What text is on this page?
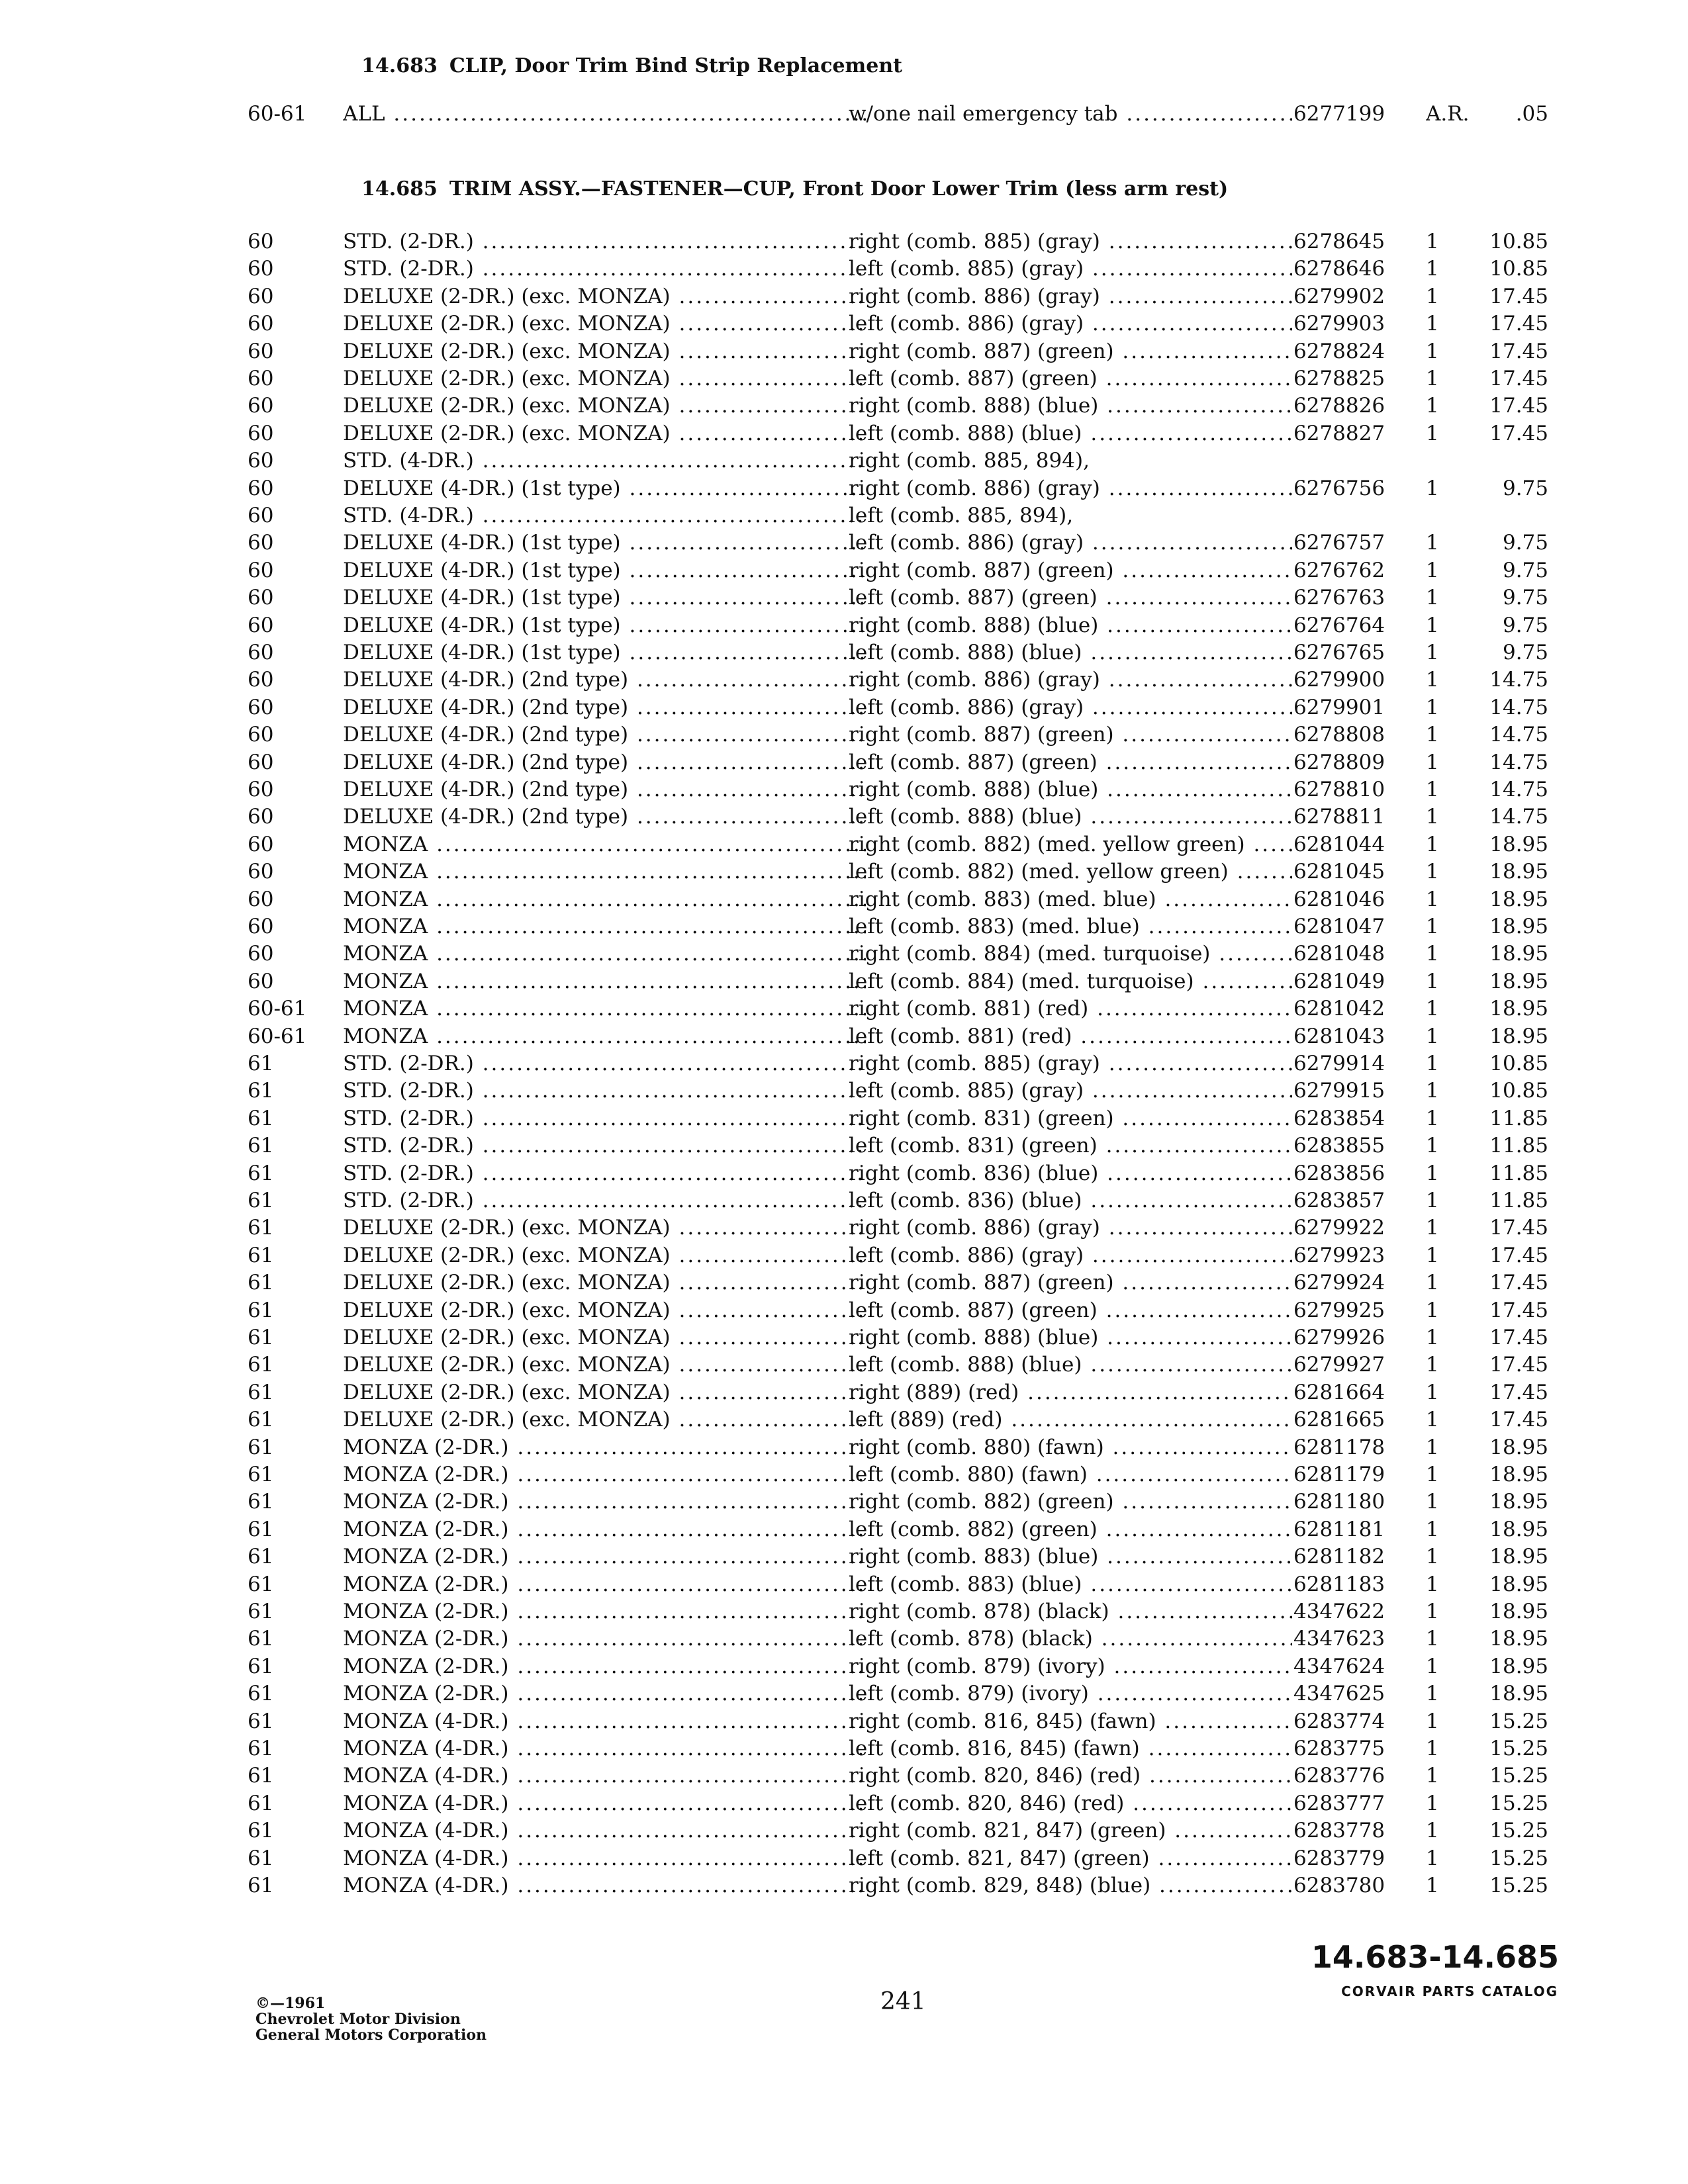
14.683 CLIP, Door Trim Bind Strip Replacement
60-61	ALL .....	w/one nail emergency tab .....	6277199	A.R.	.05
14.685 TRIM ASSY.—FASTENER—CUP, Front Door Lower Trim (less arm rest)
60	STD. (2-DR.) .....	right (comb. 885) (gray) .....	6278645	1	10.85
60	STD. (2-DR.) .....	left (comb. 885) (gray) .....	6278646	1	10.85
60	DELUXE (2-DR.) (exc. MONZA) .....	right (comb. 886) (gray) .....	6279902	1	17.45
60	DELUXE (2-DR.) (exc. MONZA) .....	left (comb. 886) (gray) .....	6279903	1	17.45
60	DELUXE (2-DR.) (exc. MONZA) .....	right (comb. 887) (green) .....	6278824	1	17.45
60	DELUXE (2-DR.) (exc. MONZA) .....	left (comb. 887) (green) .....	6278825	1	17.45
60	DELUXE (2-DR.) (exc. MONZA) .....	right (comb. 888) (blue) .....	6278826	1	17.45
60	DELUXE (2-DR.) (exc. MONZA) .....	left (comb. 888) (blue) .....	6278827	1	17.45
60	STD. (4-DR.) .....	right (comb. 885, 894),
60	DELUXE (4-DR.) (1st type) .....	right (comb. 886) (gray) .....	6276756	1	9.75
60	STD. (4-DR.) .....	left (comb. 885, 894),
60	DELUXE (4-DR.) (1st type) .....	left (comb. 886) (gray) .....	6276757	1	9.75
60	DELUXE (4-DR.) (1st type) .....	right (comb. 887) (green) .....	6276762	1	9.75
60	DELUXE (4-DR.) (1st type) .....	left (comb. 887) (green) .....	6276763	1	9.75
60	DELUXE (4-DR.) (1st type) .....	right (comb. 888) (blue) .....	6276764	1	9.75
60	DELUXE (4-DR.) (1st type) .....	left (comb. 888) (blue) .....	6276765	1	9.75
60	DELUXE (4-DR.) (2nd type) .....	right (comb. 886) (gray) .....	6279900	1	14.75
60	DELUXE (4-DR.) (2nd type) .....	left (comb. 886) (gray) .....	6279901	1	14.75
60	DELUXE (4-DR.) (2nd type) .....	right (comb. 887) (green) .....	6278808	1	14.75
60	DELUXE (4-DR.) (2nd type) .....	left (comb. 887) (green) .....	6278809	1	14.75
60	DELUXE (4-DR.) (2nd type) .....	right (comb. 888) (blue) .....	6278810	1	14.75
60	DELUXE (4-DR.) (2nd type) .....	left (comb. 888) (blue) .....	6278811	1	14.75
60	MONZA .....	right (comb. 882) (med. yellow green) .....	6281044	1	18.95
60	MONZA .....	left (comb. 882) (med. yellow green) .....	6281045	1	18.95
60	MONZA .....	right (comb. 883) (med. blue) .....	6281046	1	18.95
60	MONZA .....	left (comb. 883) (med. blue) .....	6281047	1	18.95
60	MONZA .....	right (comb. 884) (med. turquoise) .....	6281048	1	18.95
60	MONZA .....	left (comb. 884) (med. turquoise) .....	6281049	1	18.95
60-61	MONZA .....	right (comb. 881) (red) .....	6281042	1	18.95
60-61	MONZA .....	left (comb. 881) (red) .....	6281043	1	18.95
61	STD. (2-DR.) .....	right (comb. 885) (gray) .....	6279914	1	10.85
61	STD. (2-DR.) .....	left (comb. 885) (gray) .....	6279915	1	10.85
61	STD. (2-DR.) .....	right (comb. 831) (green) .....	6283854	1	11.85
61	STD. (2-DR.) .....	left (comb. 831) (green) .....	6283855	1	11.85
61	STD. (2-DR.) .....	right (comb. 836) (blue) .....	6283856	1	11.85
61	STD. (2-DR.) .....	left (comb. 836) (blue) .....	6283857	1	11.85
61	DELUXE (2-DR.) (exc. MONZA) .....	right (comb. 886) (gray) .....	6279922	1	17.45
61	DELUXE (2-DR.) (exc. MONZA) .....	left (comb. 886) (gray) .....	6279923	1	17.45
61	DELUXE (2-DR.) (exc. MONZA) .....	right (comb. 887) (green) .....	6279924	1	17.45
61	DELUXE (2-DR.) (exc. MONZA) .....	left (comb. 887) (green) .....	6279925	1	17.45
61	DELUXE (2-DR.) (exc. MONZA) .....	right (comb. 888) (blue) .....	6279926	1	17.45
61	DELUXE (2-DR.) (exc. MONZA) .....	left (comb. 888) (blue) .....	6279927	1	17.45
61	DELUXE (2-DR.) (exc. MONZA) .....	right (889) (red) .....	6281664	1	17.45
61	DELUXE (2-DR.) (exc. MONZA) .....	left (889) (red) .....	6281665	1	17.45
61	MONZA (2-DR.) .....	right (comb. 880) (fawn) .....	6281178	1	18.95
61	MONZA (2-DR.) .....	left (comb. 880) (fawn) .....	6281179	1	18.95
61	MONZA (2-DR.) .....	right (comb. 882) (green) .....	6281180	1	18.95
61	MONZA (2-DR.) .....	left (comb. 882) (green) .....	6281181	1	18.95
61	MONZA (2-DR.) .....	right (comb. 883) (blue) .....	6281182	1	18.95
61	MONZA (2-DR.) .....	left (comb. 883) (blue) .....	6281183	1	18.95
61	MONZA (2-DR.) .....	right (comb. 878) (black) .....	4347622	1	18.95
61	MONZA (2-DR.) .....	left (comb. 878) (black) .....	4347623	1	18.95
61	MONZA (2-DR.) .....	right (comb. 879) (ivory) .....	4347624	1	18.95
61	MONZA (2-DR.) .....	left (comb. 879) (ivory) .....	4347625	1	18.95
61	MONZA (4-DR.) .....	right (comb. 816, 845) (fawn) .....	6283774	1	15.25
61	MONZA (4-DR.) .....	left (comb. 816, 845) (fawn) .....	6283775	1	15.25
61	MONZA (4-DR.) .....	right (comb. 820, 846) (red) .....	6283776	1	15.25
61	MONZA (4-DR.) .....	left (comb. 820, 846) (red) .....	6283777	1	15.25
61	MONZA (4-DR.) .....	right (comb. 821, 847) (green) .....	6283778	1	15.25
61	MONZA (4-DR.) .....	left (comb. 821, 847) (green) .....	6283779	1	15.25
61	MONZA (4-DR.) .....	right (comb. 829, 848) (blue) .....	6283780	1	15.25
©—1961
Chevrolet Motor Division
General Motors Corporation
241
14.683-14.685
CORVAIR PARTS CATALOG
